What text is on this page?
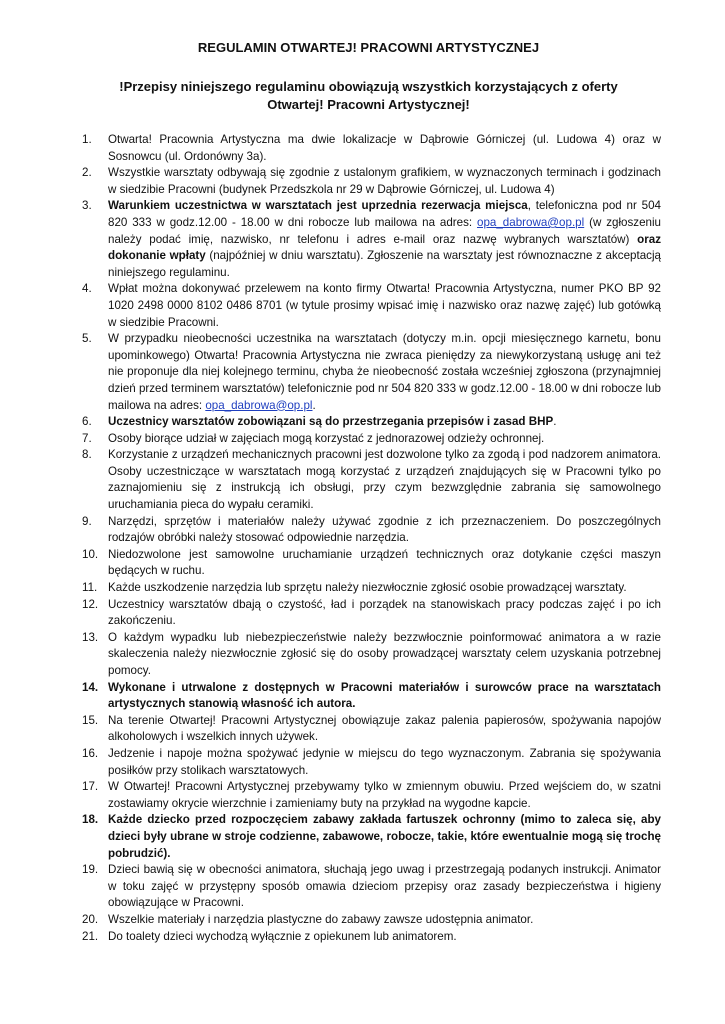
REGULAMIN OTWARTEJ! PRACOWNI ARTYSTYCZNEJ
!Przepisy niniejszego regulaminu obowiązują wszystkich korzystających z oferty
Otwartej! Pracowni Artystycznej!
1. Otwarta! Pracownia Artystyczna ma dwie lokalizacje w Dąbrowie Górniczej (ul. Ludowa 4) oraz w Sosnowcu (ul. Ordonówny 3a).
2. Wszystkie warsztaty odbywają się zgodnie z ustalonym grafikiem, w wyznaczonych terminach i godzinach w siedzibie Pracowni (budynek Przedszkola nr 29 w Dąbrowie Górniczej, ul. Ludowa 4)
3. Warunkiem uczestnictwa w warsztatach jest uprzednia rezerwacja miejsca, telefoniczna pod nr 504 820 333 w godz.12.00 - 18.00 w dni robocze lub mailowa na adres: opa_dabrowa@op.pl (w zgłoszeniu należy podać imię, nazwisko, nr telefonu i adres e-mail oraz nazwę wybranych warsztatów) oraz dokonanie wpłaty (najpóźniej w dniu warsztatu). Zgłoszenie na warsztaty jest równoznaczne z akceptacją niniejszego regulaminu.
4. Wpłat można dokonywać przelewem na konto firmy Otwarta! Pracownia Artystyczna, numer PKO BP 92 1020 2498 0000 8102 0486 8701 (w tytule prosimy wpisać imię i nazwisko oraz nazwę zajęć) lub gotówką w siedzibie Pracowni.
5. W przypadku nieobecności uczestnika na warsztatach (dotyczy m.in. opcji miesięcznego karnetu, bonu upominkowego) Otwarta! Pracownia Artystyczna nie zwraca pieniędzy za niewykorzystaną usługę ani też nie proponuje dla niej kolejnego terminu, chyba że nieobecność została wcześniej zgłoszona (przynajmniej dzień przed terminem warsztatów) telefonicznie pod nr 504 820 333 w godz.12.00 - 18.00 w dni robocze lub mailowa na adres: opa_dabrowa@op.pl.
6. Uczestnicy warsztatów zobowiązani są do przestrzegania przepisów i zasad BHP.
7. Osoby biorące udział w zajęciach mogą korzystać z jednorazowej odzieży ochronnej.
8. Korzystanie z urządzeń mechanicznych pracowni jest dozwolone tylko za zgodą i pod nadzorem animatora. Osoby uczestniczące w warsztatach mogą korzystać z urządzeń znajdujących się w Pracowni tylko po zaznajomieniu się z instrukcją ich obsługi, przy czym bezwzględnie zabrania się samowolnego uruchamiania pieca do wypału ceramiki.
9. Narzędzi, sprzętów i materiałów należy używać zgodnie z ich przeznaczeniem. Do poszczególnych rodzajów obróbki należy stosować odpowiednie narzędzia.
10. Niedozwolone jest samowolne uruchamianie urządzeń technicznych oraz dotykanie części maszyn będących w ruchu.
11. Każde uszkodzenie narzędzia lub sprzętu należy niezwłocznie zgłosić osobie prowadzącej warsztaty.
12. Uczestnicy warsztatów dbają o czystość, ład i porządek na stanowiskach pracy podczas zajęć i po ich zakończeniu.
13. O każdym wypadku lub niebezpieczeństwie należy bezzwłocznie poinformować animatora a w razie skaleczenia należy niezwłocznie zgłosić się do osoby prowadzącej warsztaty celem uzyskania potrzebnej pomocy.
14. Wykonane i utrwalone z dostępnych w Pracowni materiałów i surowców prace na warsztatach artystycznych stanowią własność ich autora.
15. Na terenie Otwartej! Pracowni Artystycznej obowiązuje zakaz palenia papierosów, spożywania napojów alkoholowych i wszelkich innych używek.
16. Jedzenie i napoje można spożywać jedynie w miejscu do tego wyznaczonym. Zabrania się spożywania posiłków przy stolikach warsztatowych.
17. W Otwartej! Pracowni Artystycznej przebywamy tylko w zmiennym obuwiu. Przed wejściem do, w szatni zostawiamy okrycie wierzchnie i zamieniamy buty na przykład na wygodne kapcie.
18. Każde dziecko przed rozpoczęciem zabawy zakłada fartuszek ochronny (mimo to zaleca się, aby dzieci były ubrane w stroje codzienne, zabawowe, robocze, takie, które ewentualnie mogą się trochę pobrudzić).
19. Dzieci bawią się w obecności animatora, słuchają jego uwag i przestrzegają podanych instrukcji. Animator w toku zajęć w przystępny sposób omawia dzieciom przepisy oraz zasady bezpieczeństwa i higieny obowiązujące w Pracowni.
20. Wszelkie materiały i narzędzia plastyczne do zabawy zawsze udostępnia animator.
21. Do toalety dzieci wychodzą wyłącznie z opiekunem lub animatorem.
